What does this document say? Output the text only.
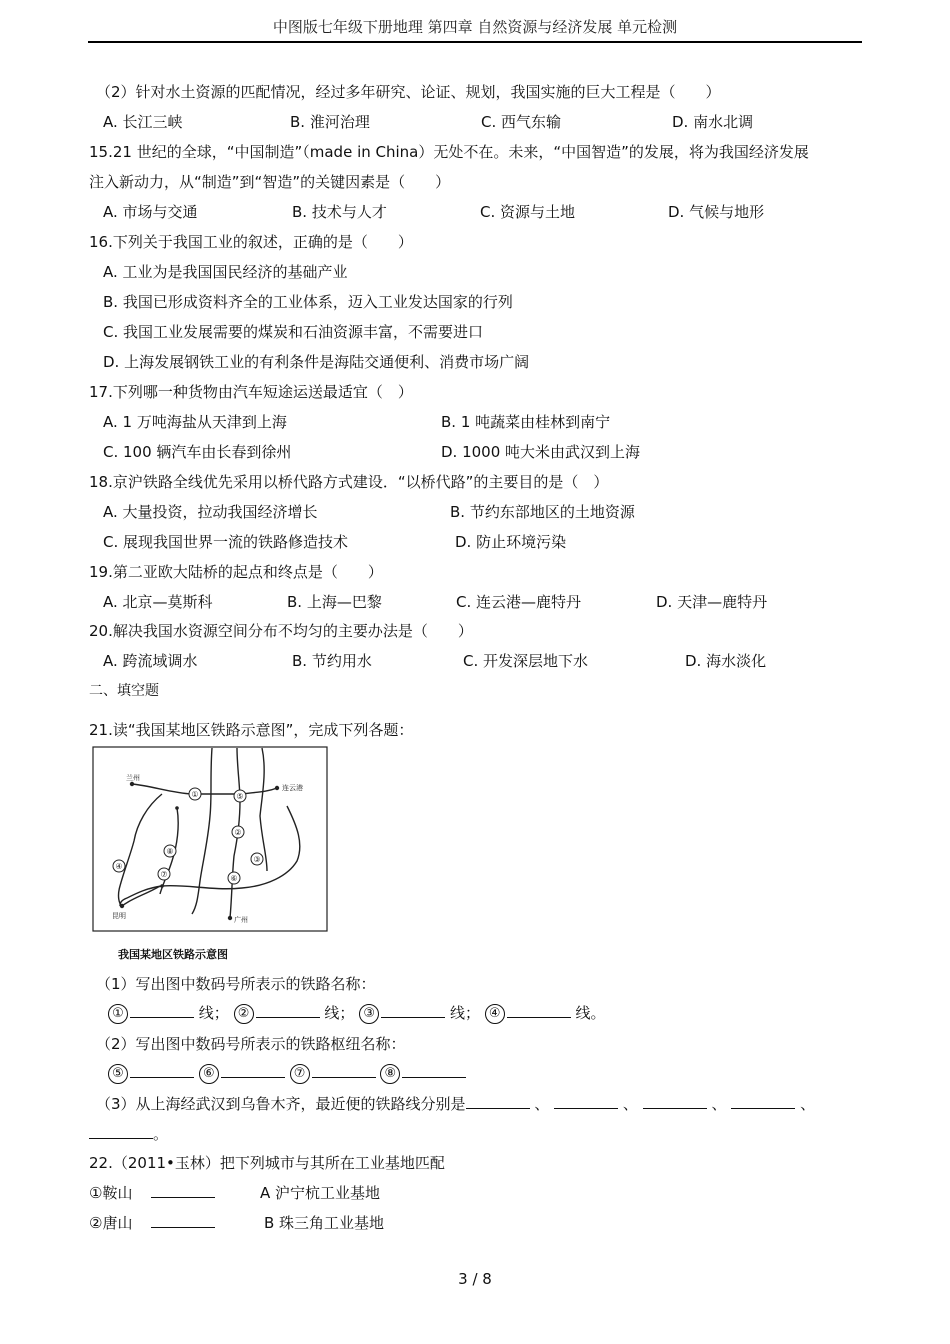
中图版七年级下册地理 第四章 自然资源与经济发展 单元检测
（2）针对水土资源的匹配情况，经过多年研究、论证、规划，我国实施的巨大工程是（　　）
A. 长江三峡	B. 淮河治理	C. 西气东输	D. 南水北调
15.21 世纪的全球，“中国制造”（made in China）无处不在。未来，“中国智造”的发展，将为我国经济发展
注入新动力，从“制造”到“智造”的关键因素是（　　）
A. 市场与交通	B. 技术与人才	C. 资源与土地	D. 气候与地形
16.下列关于我国工业的叙述，正确的是（　　）
A. 工业为是我国国民经济的基础产业
B. 我国已形成资料齐全的工业体系，迈入工业发达国家的行列
C. 我国工业发展需要的煤炭和石油资源丰富，不需要进口
D. 上海发展钢铁工业的有利条件是海陆交通便利、消费市场广阔
17.下列哪一种货物由汽车短途运送最适宜（　）
A. 1 万吨海盐从天津到上海	B. 1 吨蔬菜由桂林到南宁
C. 100 辆汽车由长春到徐州	D. 1000 吨大米由武汉到上海
18.京沪铁路全线优先采用以桥代路方式建设．“以桥代路”的主要目的是（　）
A. 大量投资，拉动我国经济增长	B. 节约东部地区的土地资源
C. 展现我国世界一流的铁路修造技术	D. 防止环境污染
19.第二亚欧大陆桥的起点和终点是（　　）
A. 北京—莫斯科	B. 上海—巴黎	C. 连云港—鹿特丹	D. 天津—鹿特丹
20.解决我国水资源空间分布不均匀的主要办法是（　　）
A. 跨流域调水	B. 节约用水	C. 开发深层地下水	D. 海水淡化
二、填空题
21.读“我国某地区铁路示意图”，完成下列各题：
①	⑤
②
④
③
⑥
⑦
⑧
兰州
连云港
昆明	广州
我国某地区铁路示意图
（1）写出图中数码号所表示的铁路名称：
①	线； ②	线； ③	线； ④	线。
（2）写出图中数码号所表示的铁路枢纽名称：
⑤	⑥	⑦	⑧
（3）从上海经武汉到乌鲁木齐，最近便的铁路线分别是	、	、	、	、
。
22.（2011•玉林）把下列城市与其所在工业基地匹配
①鞍山	A 沪宁杭工业基地
②唐山	B 珠三角工业基地
3 / 8
